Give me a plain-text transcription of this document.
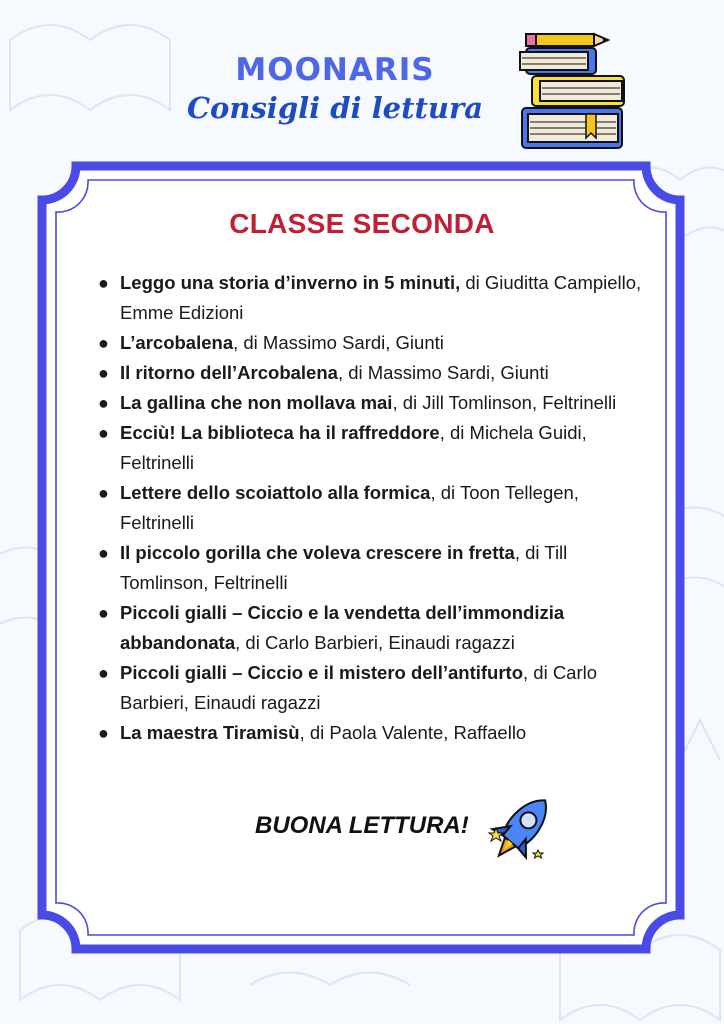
MOONARIS
Consigli di lettura
CLASSE SECONDA
● Leggo una storia d’inverno in 5 minuti, di Giuditta Campiello, Emme Edizioni
● L’arcobalena, di Massimo Sardi, Giunti
● Il ritorno dell’Arcobalena, di Massimo Sardi, Giunti
● La gallina che non mollava mai, di Jill Tomlinson, Feltrinelli
● Ecciù! La biblioteca ha il raffreddore, di Michela Guidi, Feltrinelli
● Lettere dello scoiattolo alla formica, di Toon Tellegen, Feltrinelli
● Il piccolo gorilla che voleva crescere in fretta, di Till Tomlinson, Feltrinelli
● Piccoli gialli – Ciccio e la vendetta dell’immondizia abbandonata, di Carlo Barbieri, Einaudi ragazzi
● Piccoli gialli – Ciccio e il mistero dell’antifurto, di Carlo Barbieri, Einaudi ragazzi
● La maestra Tiramisù, di Paola Valente, Raffaello
BUONA LETTURA!
